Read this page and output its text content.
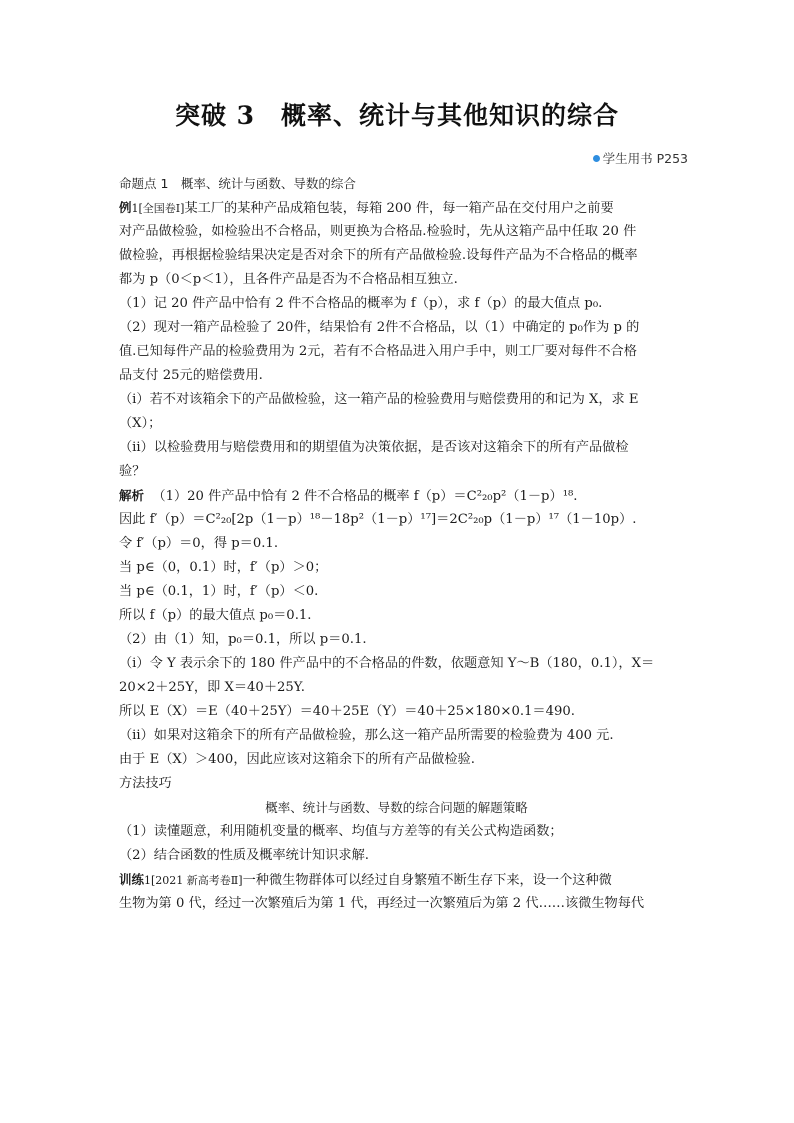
突破 3　概率、统计与其他知识的综合
学生用书 P253
命题点 1　概率、统计与函数、导数的综合
例1[全国卷Ⅰ]某工厂的某种产品成箱包装，每箱 200 件，每一箱产品在交付用户之前要
对产品做检验，如检验出不合格品，则更换为合格品.检验时，先从这箱产品中任取 20 件
做检验，再根据检验结果决定是否对余下的所有产品做检验.设每件产品为不合格品的概率
都为 p（0＜p＜1），且各件产品是否为不合格品相互独立.
（1）记 20 件产品中恰有 2 件不合格品的概率为 f（p），求 f（p）的最大值点 p₀.
（2）现对一箱产品检验了 20件，结果恰有 2件不合格品，以（1）中确定的 p₀作为 p 的
值.已知每件产品的检验费用为 2元，若有不合格品进入用户手中，则工厂要对每件不合格
品支付 25元的赔偿费用.
（ⅰ）若不对该箱余下的产品做检验，这一箱产品的检验费用与赔偿费用的和记为 X，求 E
（X）；
（ⅱ）以检验费用与赔偿费用和的期望值为决策依据，是否该对这箱余下的所有产品做检
验？
解析 （1）20 件产品中恰有 2 件不合格品的概率 f（p）＝C²₂₀p²（1－p）¹⁸.
因此 f′（p）＝C²₂₀[2p（1－p）¹⁸－18p²（1－p）¹⁷]＝2C²₂₀p（1－p）¹⁷（1－10p）.
令 f′（p）＝0，得 p＝0.1.
当 p∈（0，0.1）时，f′（p）＞0；
当 p∈（0.1，1）时，f′（p）＜0.
所以 f（p）的最大值点 p₀＝0.1.
（2）由（1）知，p₀＝0.1，所以 p＝0.1.
（ⅰ）令 Y 表示余下的 180 件产品中的不合格品的件数，依题意知 Y～B（180，0.1），X＝
20×2＋25Y，即 X＝40＋25Y.
所以 E（X）＝E（40＋25Y）＝40＋25E（Y）＝40＋25×180×0.1＝490.
（ⅱ）如果对这箱余下的所有产品做检验，那么这一箱产品所需要的检验费为 400 元.
由于 E（X）＞400，因此应该对这箱余下的所有产品做检验.
方法技巧
概率、统计与函数、导数的综合问题的解题策略
（1）读懂题意，利用随机变量的概率、均值与方差等的有关公式构造函数；
（2）结合函数的性质及概率统计知识求解.
训练1[2021 新高考卷Ⅱ]一种微生物群体可以经过自身繁殖不断生存下来，设一个这种微
生物为第 0 代，经过一次繁殖后为第 1 代，再经过一次繁殖后为第 2 代……该微生物每代
